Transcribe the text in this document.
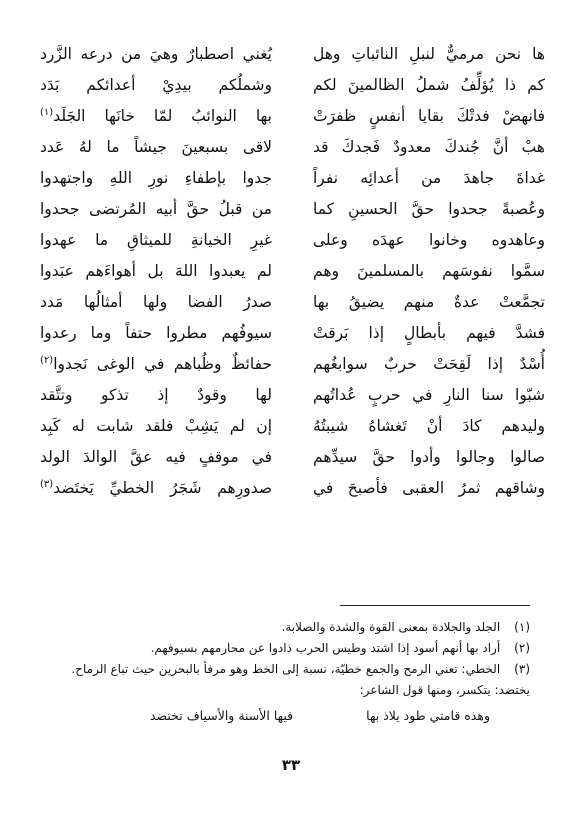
ها نحن مرميٌّ لنبلِ النائباتِ وهل
يُغني اصطبارٌ وهيَ من درعه الزَّرد
كم ذا يُؤلِّفُ شملُ الظالمينَ لكم
وشملُكم بيدِيْ أعدائكم بَدَد
فانهضْ فدتْكَ بقايا أنفسٍ ظفرَتْ
بها النوائبُ لمّا خانَها الجَلَد$^{(١)}$
هبْ أنَّ جُندكَ معدودٌ فَجدكَ قد
لاقى بسبعينَ جيشاً ما لهُ عَدد
غداةَ جاهدَ من أعدائِه نفراً
جدوا بإطفاءِ نورِ اللهِ واجتهدوا
وعُصبةً جحدوا حقَّ الحسينِ كما
من قبلُ حقَّ أبيه المُرتضى جحدوا
وعاهدوه وخانوا عهدَه وعلى
غيرِ الخيانةِ للميثاقِ ما عهدوا
سمَّوا نفوسَهم بالمسلمينَ وهم
لم يعبدوا اللهَ بل أهواءَهم عبَدوا
تجمَّعتْ عدةٌ منهم يضيقُ بها
صدرُ الفضا ولها أمثالُها مَدد
فشدَّ فيهم بأبطالٍ إذا بَرقتْ
سيوفُهم مطروا حتفاً وما رعدوا
أُسْدٌ إذا لَقِحَتْ حربٌ سوابغُهم
حفائظٌ وظُباهم في الوغى نَجدوا$^{(٢)}$
شبّوا سنا النارِ في حربٍ عُداتُهم
لها وقودٌ إذ تذكو وتتَّقد
وليدهم كادَ أنْ تَغشاهُ شيبتُهُ
إن لم يَشِبْ فلقد شابت له كَبِد
صالوا وجالوا وأدوا حقَّ سيدِّهم
في موقفٍ فيه عقَّ الوالدَ الولد
وشاقهم ثمرُ العقبى فأصبحَ في
صدورِهم شَجَرُ الخطيِّ يَختَضد$^{(٣)}$
(١) الجلد والجلادة بمعنى القوة والشدة والصلابة.
(٢) أراد بها أنهم أسود إذا اشتد وطيس الحرب ذادوا عن محارمهم بسيوفهم.
(٣) الخطي: تعني الرمح والجمع خطيّة، نسبة إلى الخط وهو مرفأ بالبحرين حيث تباع الرماح.
يختضد: يتكسر، ومنها قول الشاعر:
وهذه قامتي طود يلاذ بها
فيها الأسنة والأسياف تختضد
٣٣
